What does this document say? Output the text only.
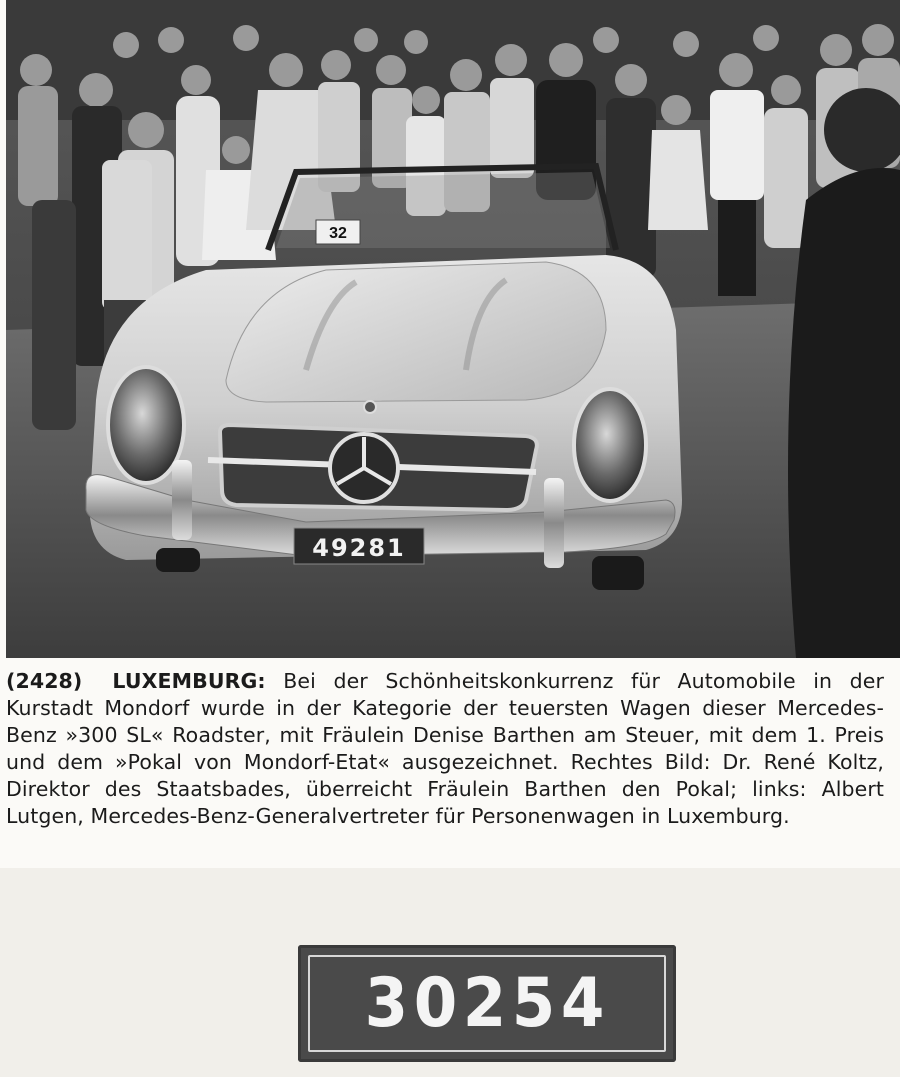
32
49281
(2428) LUXEMBURG: Bei der Schönheitskonkurrenz für Automobile in der Kurstadt Mondorf wurde in der Kategorie der teuersten Wagen dieser Mercedes-Benz »300 SL« Roadster, mit Fräulein Denise Barthen am Steuer, mit dem 1. Preis und dem »Pokal von Mondorf-Etat« ausgezeichnet. Rechtes Bild: Dr. René Koltz, Direktor des Staatsbades, überreicht Fräulein Barthen den Pokal; links: Albert Lutgen, Mercedes-Benz-Generalvertreter für Personenwagen in Luxemburg.
30254
